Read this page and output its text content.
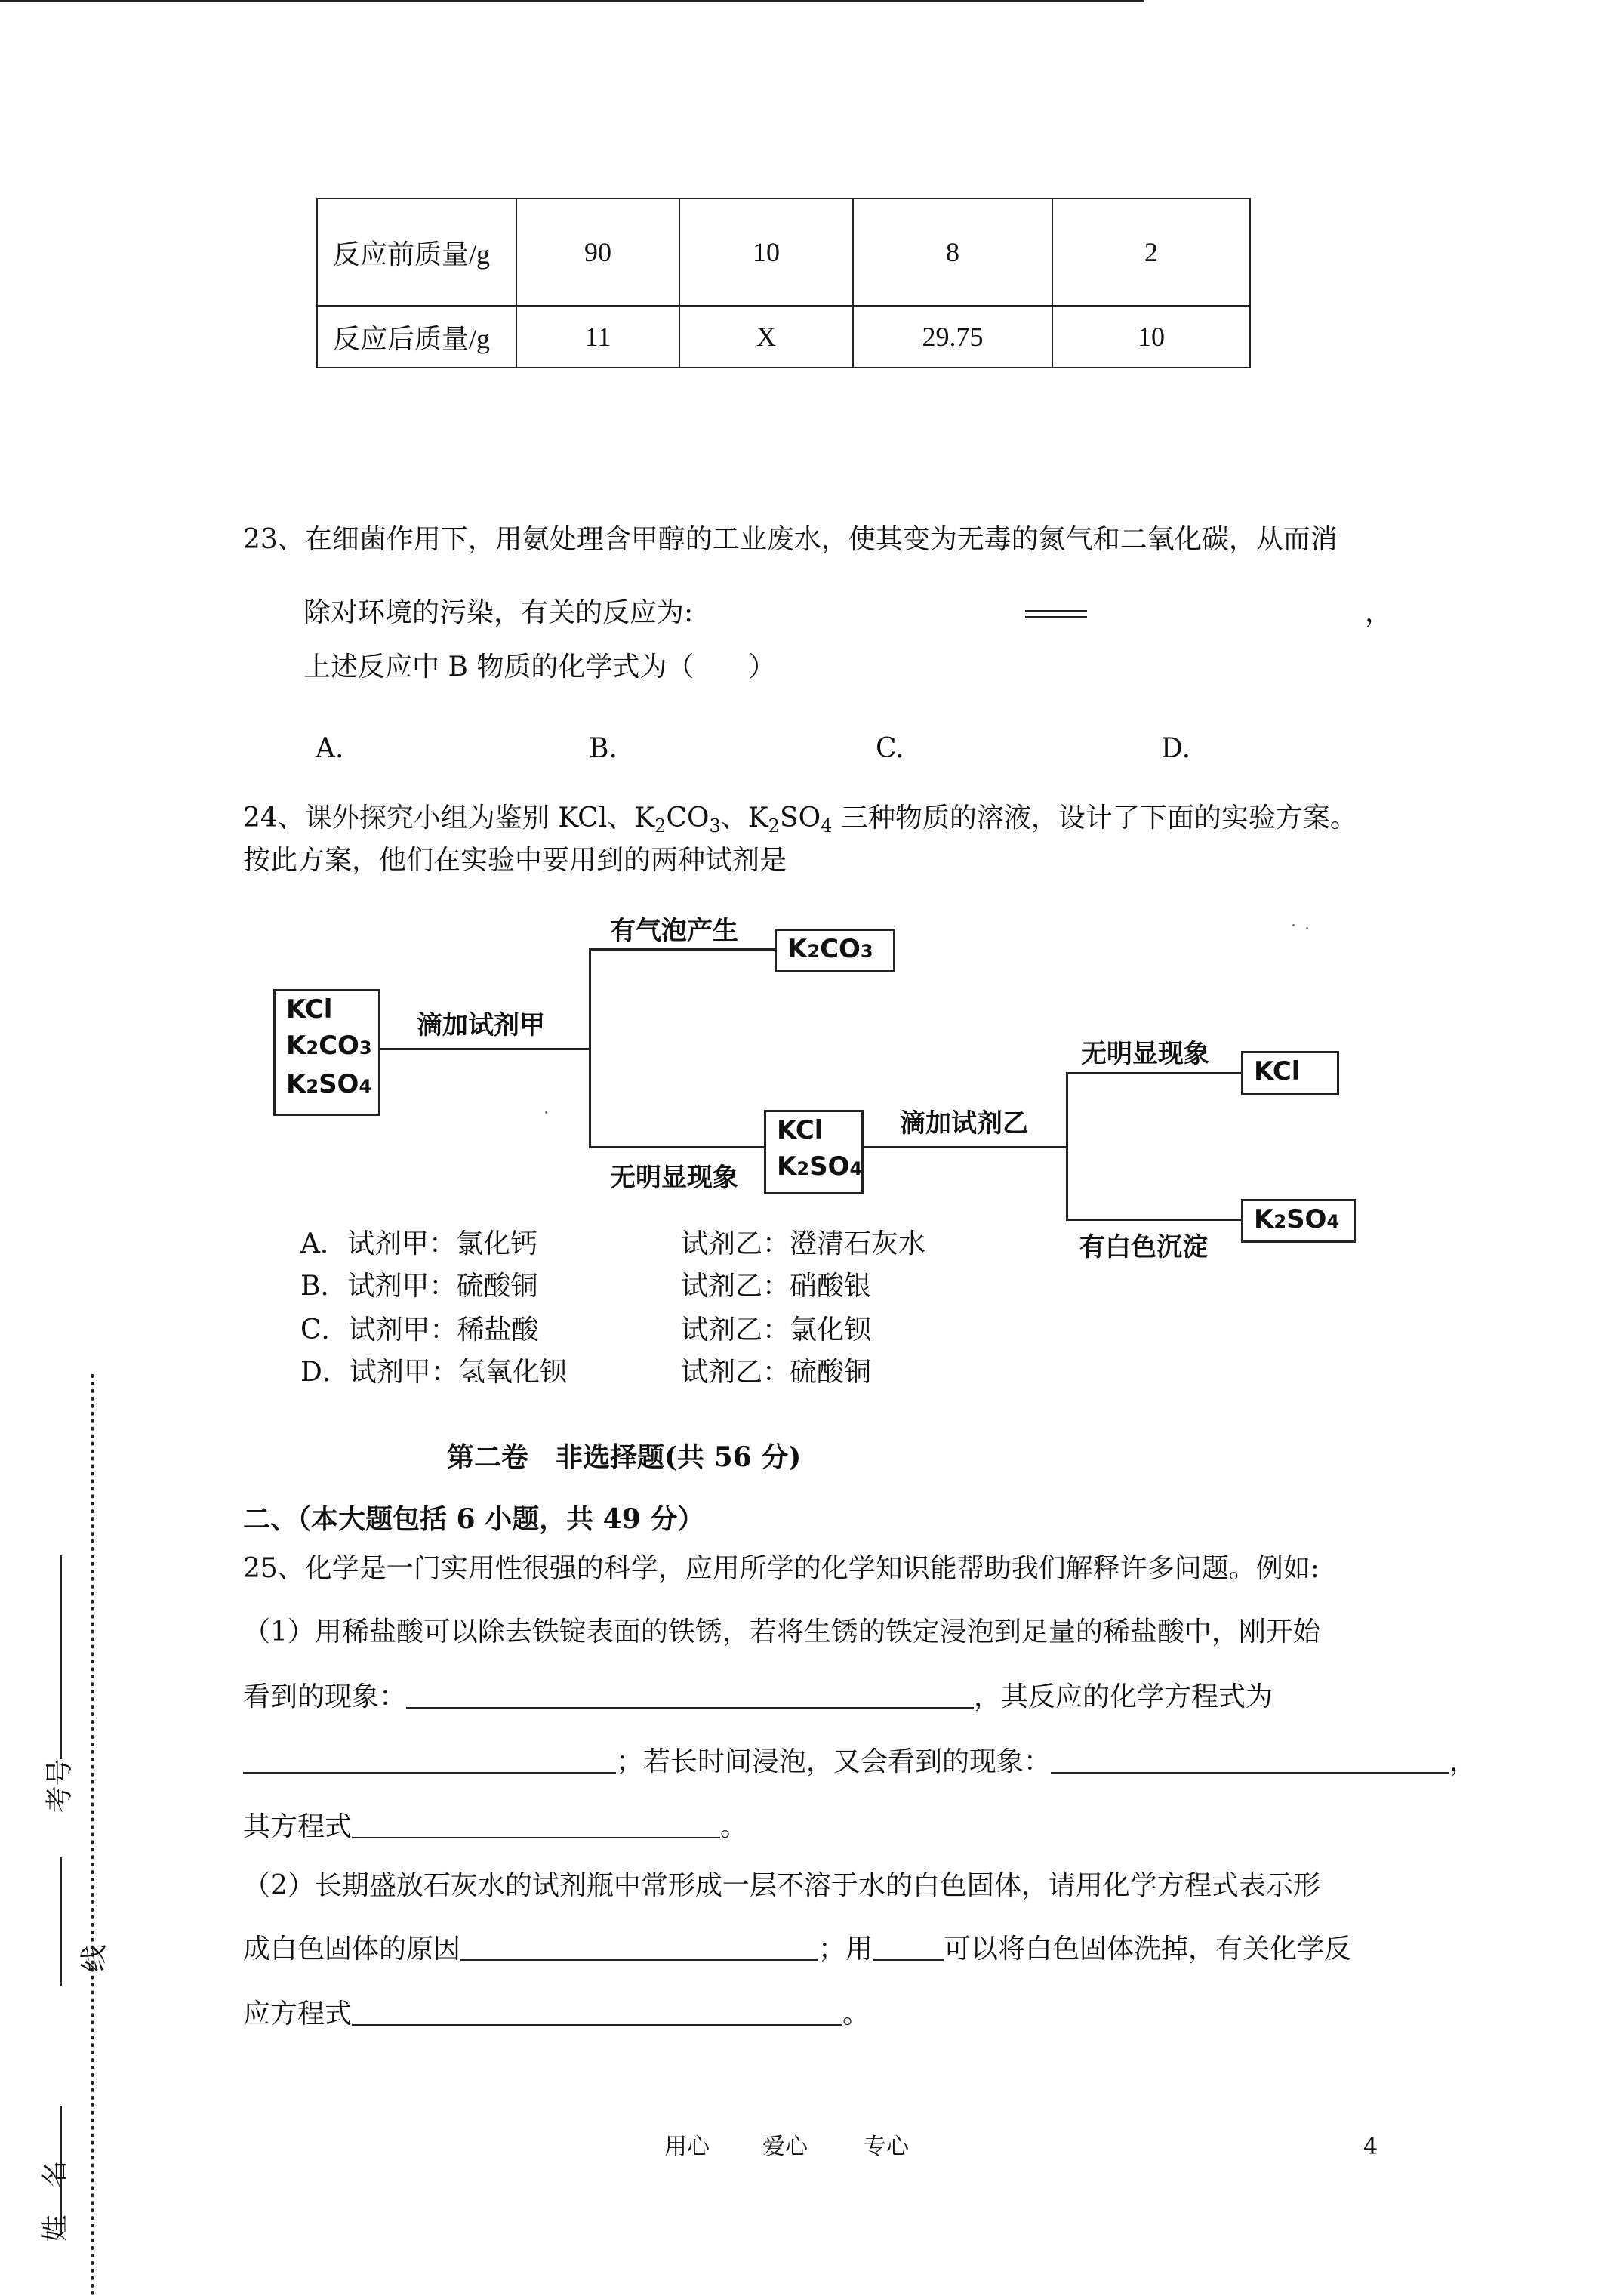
反应前质量/g	90	10	8	2
反应后质量/g	11	X	29.75	10
23、在细菌作用下，用氨处理含甲醇的工业废水，使其变为无毒的氮气和二氧化碳，从而消
除对环境的污染，有关的反应为:	，
上述反应中 B 物质的化学式为（　　）
A.	B.	C.	D.
24、课外探究小组为鉴别 KCl、$K_2CO_3$、$K_2SO_4$ 三种物质的溶液，设计了下面的实验方案。
按此方案，他们在实验中要用到的两种试剂是
KCl
K2CO3
K2SO4
滴加试剂甲
有气泡产生
K2CO3
无明显现象
KCl
K2SO4
滴加试剂乙
无明显现象
KCl
有白色沉淀
K2SO4
A．试剂甲：氯化钙	试剂乙：澄清石灰水
B．试剂甲：硫酸铜	试剂乙：硝酸银
C．试剂甲：稀盐酸	试剂乙：氯化钡
D．试剂甲：氢氧化钡	试剂乙：硫酸铜
第二卷　非选择题(共 56 分)
二、（本大题包括 6 小题，共 49 分）
25、化学是一门实用性很强的科学，应用所学的化学知识能帮助我们解释许多问题。例如:
（1）用稀盐酸可以除去铁锭表面的铁锈，若将生锈的铁定浸泡到足量的稀盐酸中，刚开始
看到的现象：	，其反应的化学方程式为
；若长时间浸泡，又会看到的现象：	，
其方程式	。
（2）长期盛放石灰水的试剂瓶中常形成一层不溶于水的白色固体，请用化学方程式表示形
成白色固体的原因	；用	可以将白色固体洗掉，有关化学反
应方程式	。
用心 爱心 专心	4
考号
线
姓　名
